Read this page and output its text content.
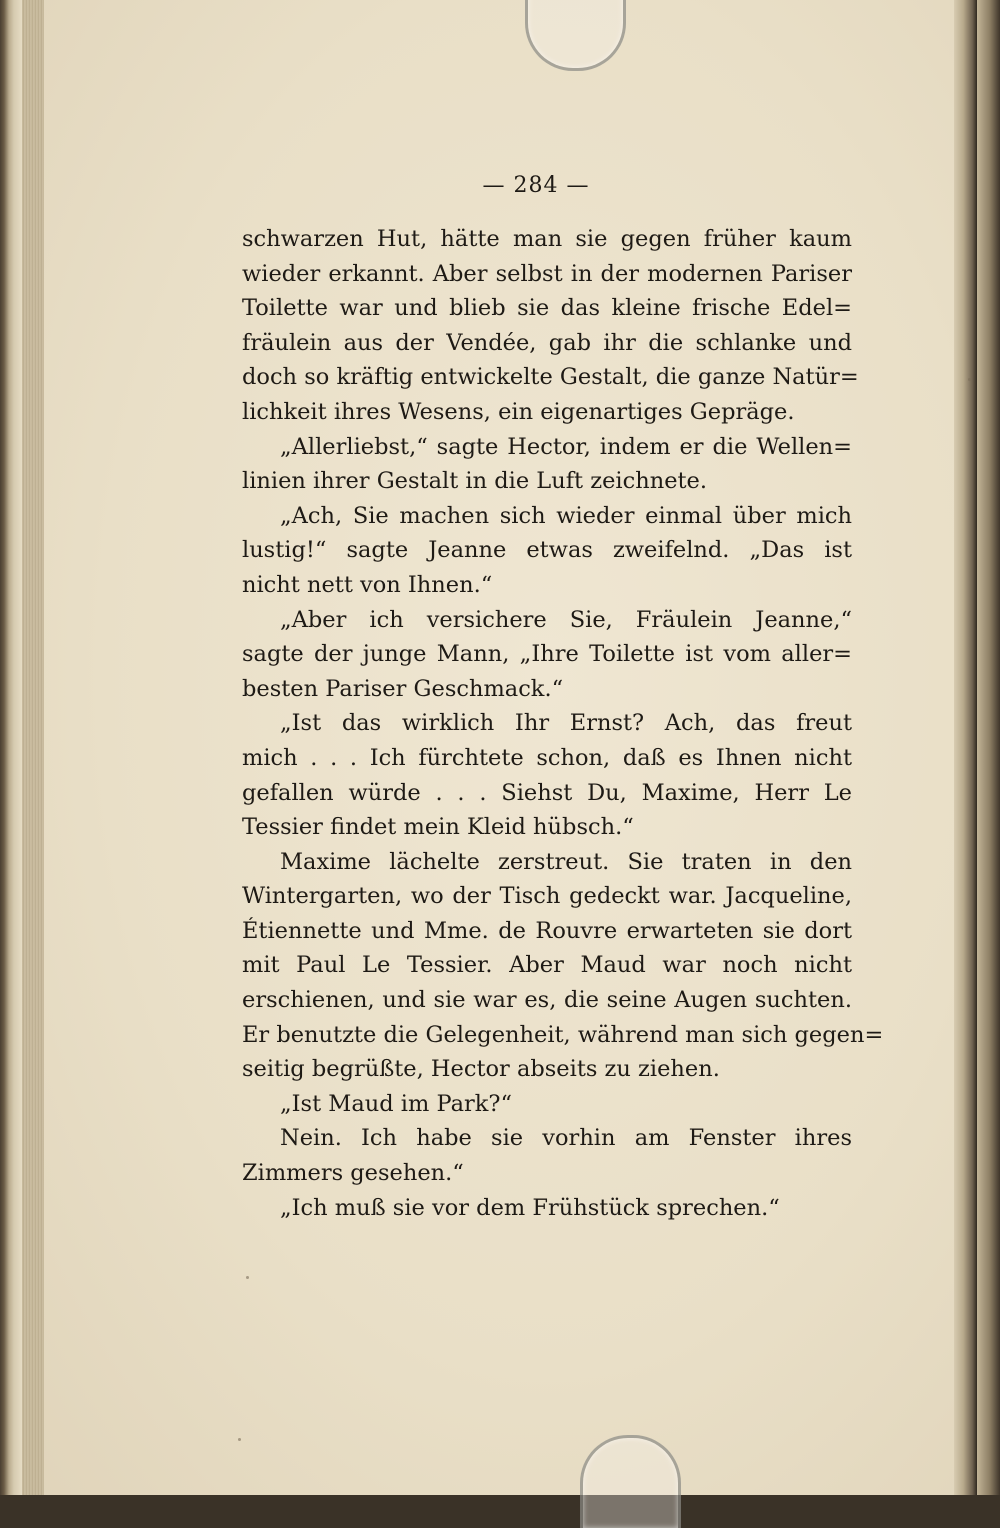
— 284 —
schwarzen Hut, hätte man sie gegen früher kaum
wieder erkannt. Aber selbst in der modernen Pariser
Toilette war und blieb sie das kleine frische Edel=
fräulein aus der Vendée, gab ihr die schlanke und
doch so kräftig entwickelte Gestalt, die ganze Natür=
lichkeit ihres Wesens, ein eigenartiges Gepräge.
„Allerliebst,“ sagte Hector, indem er die Wellen=
linien ihrer Gestalt in die Luft zeichnete.
„Ach, Sie machen sich wieder einmal über mich
lustig!“ sagte Jeanne etwas zweifelnd. „Das ist
nicht nett von Ihnen.“
„Aber ich versichere Sie, Fräulein Jeanne,“
sagte der junge Mann, „Ihre Toilette ist vom aller=
besten Pariser Geschmack.“
„Ist das wirklich Ihr Ernst? Ach, das freut
mich . . . Ich fürchtete schon, daß es Ihnen nicht
gefallen würde . . . Siehst Du, Maxime, Herr Le
Tessier findet mein Kleid hübsch.“
Maxime lächelte zerstreut. Sie traten in den
Wintergarten, wo der Tisch gedeckt war. Jacqueline,
Étiennette und Mme. de Rouvre erwarteten sie dort
mit Paul Le Tessier. Aber Maud war noch nicht
erschienen, und sie war es, die seine Augen suchten.
Er benutzte die Gelegenheit, während man sich gegen=
seitig begrüßte, Hector abseits zu ziehen.
„Ist Maud im Park?“
Nein. Ich habe sie vorhin am Fenster ihres
Zimmers gesehen.“
„Ich muß sie vor dem Frühstück sprechen.“
